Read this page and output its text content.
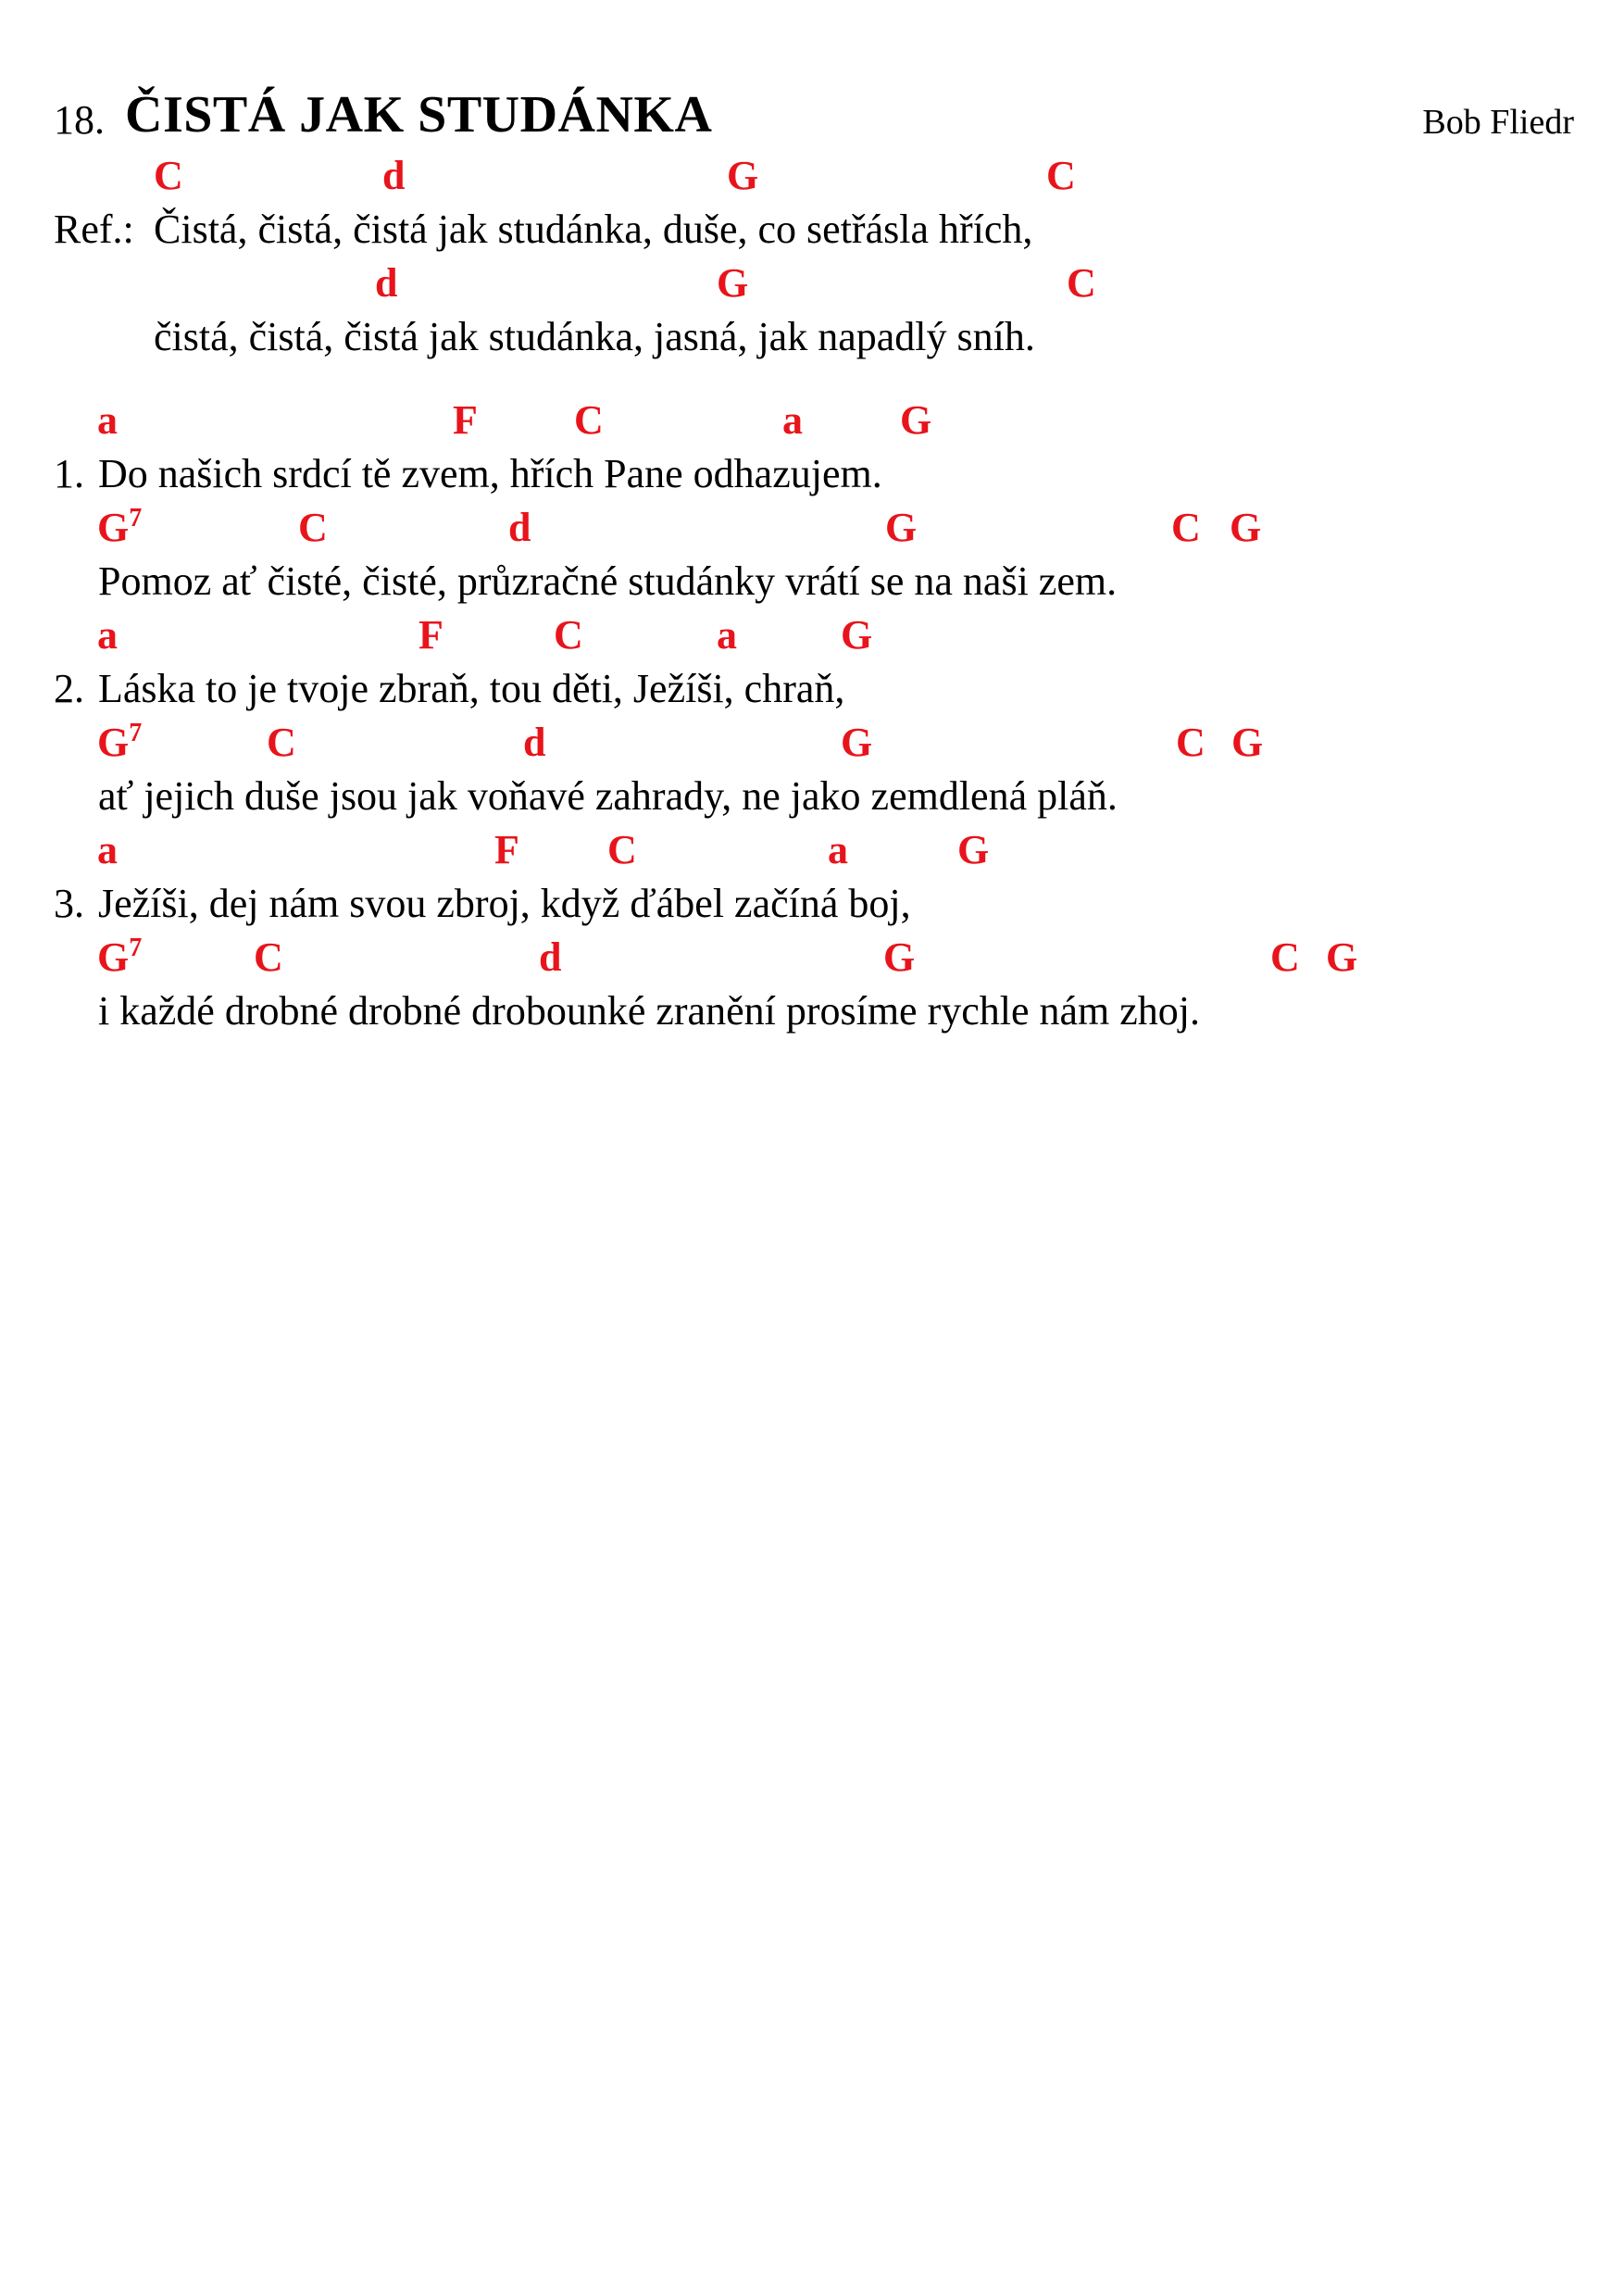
18. ČISTÁ JAK STUDÁNKA	Bob Fliedr
C	d	G	C
Ref.: Čistá, čistá, čistá jak studánka, duše, co setřásla hřích,
d	G	C
čistá, čistá, čistá jak studánka, jasná, jak napadlý sníh.
a	F C	a G
1. Do našich srdcí tě zvem, hřích Pane odhazujem.
$G^7$	C	d	G	C G
Pomoz ať čisté, čisté, průzračné studánky vrátí se na naši zem.
a	F	C	a	G
2. Láska to je tvoje zbraň, tou děti, Ježíši, chraň,
$G^7$	C	d	G	C G
ať jejich duše jsou jak voňavé zahrady, ne jako zemdlená pláň.
a	F C	a	G
3. Ježíši, dej nám svou zbroj, když ďábel začíná boj,
$G^7$	C	d	G	C G
i každé drobné drobné drobounké zranění prosíme rychle nám zhoj.
